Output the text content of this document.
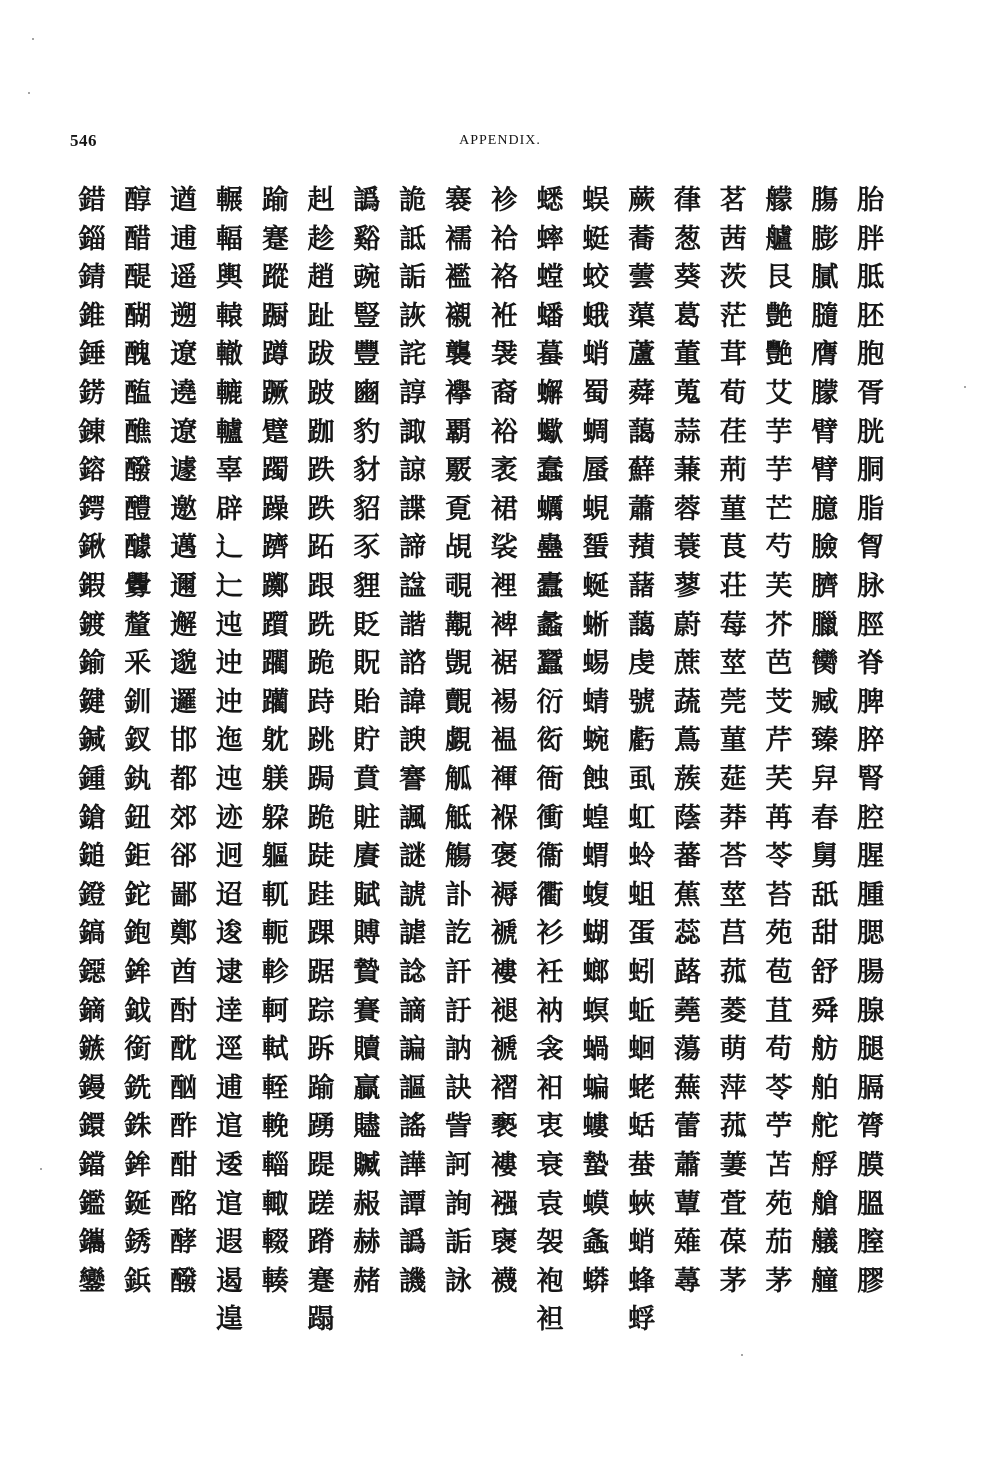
546	APPENDIX.
錯
錙
錆
錐
錘
錺
錬
鎔
鍔
鍬
鍜
鍍
鍮
鍵
鍼
鍾
鎗
鎚
鐙
鎬
鐚
鏑
鏃
鏝
鐶
鐺
鑑
鑴
鑾
醇
醋
醍
醐
醜
醢
醮
醱
醴
醵
釁
釐
釆
釧
釵
釻
鈕
鉅
鉈
鉋
鉾
鉞
銜
銑
銖
鉾
鋋
銹
鋲
遒
逋
遥
遡
遼
遶
遼
遽
邀
邁
邇
邂
邈
邏
邯
都
郊
郤
鄙
鄭
酋
酎
酖
酗
酢
酣
酩
酵
醱
輾
輻
輿
轅
轍
轆
轤
辜
辟
辶
辷
迍
迚
迚
迤
迍
迹
迥
迢
逡
逮
逹
逕
逋
逭
逶
逭
遐
遏
遑
踰
蹇
蹤
蹰
蹲
蹶
躄
躅
躁
躋
躑
躓
躙
躪
躭
躾
躱
軀
軏
軛
軫
軻
軾
輊
輓
輜
輙
輟
輳
赳
趁
趙
趾
跋
跛
跏
跌
跌
跖
跟
跣
跪
跱
跳
跼
跪
跿
跬
踝
踞
踪
跅
踰
踴
踶
蹉
蹐
蹇
蹋
譌
谿
豌
豎
豐
豳
豹
豺
貂
豕
貍
貶
貺
貽
貯
賁
賍
賡
賦
賻
贄
賽
贖
贏
贐
贓
赧
赫
赭
詭
詆
詬
詼
詫
諄
諏
諒
諜
諦
諡
諧
諮
諱
諛
謇
諷
謎
諕
謔
諗
謫
諞
謳
謠
譁
譚
譌
譏
褰
襦
襤
襯
襲
襷
覇
覈
覔
覘
覗
覯
覬
覿
覷
觚
觝
觴
訃
訖
訐
訏
訥
訣
訾
訶
詢
詬
詠
袗
袷
袼
袵
袰
裔
裕
袤
裙
裟
裡
裨
裾
裼
褞
褌
褓
褒
褥
褫
褸
褪
褫
褶
褻
褸
襁
襃
襪
蟋
蟀
螳
蟠
蟇
蠏
蠍
蠢
蠣
蠱
蠹
蠡
蠶
衍
衒
衙
衝
衞
衢
衫
衽
衲
衾
衵
衷
衰
袁
袈
袍
袒
蜈
蜓
蛟
蛾
蛸
蜀
蜩
蜃
蜆
蜑
蜒
蜥
蜴
蜻
蜿
蝕
蝗
蝟
蝮
蝴
螂
螟
蝸
蝙
螻
蟄
蟆
螽
蟒
蕨
蕎
蕓
蕖
蘆
蕣
藹
蘚
蕭
蕷
藷
藹
虔
號
虧
虱
虹
蛉
蛆
蛋
蚓
蚯
蛔
蛯
蛞
蛬
蛺
蛸
蜂
蜉
葎
葱
葵
葛
董
蒐
蒜
蒹
蓉
蓑
蓼
蔚
蔗
蔬
蔦
蔟
蔭
蕃
蕉
蕊
蕗
蕘
蕩
蕪
蕾
蕭
蕈
薙
蕁
茗
茜
茨
茫
茸
荀
荏
荊
菫
茛
荘
莓
莖
莞
菫
莚
莽
荅
莖
莒
菰
菱
萌
萍
菰
萋
萓
葆
茅
艨
艫
艮
艶
艷
艾
芋
芋
芒
芍
芙
芥
芭
芠
芹
芺
苒
苓
苔
苑
苞
苴
苟
苓
苧
苫
苑
茄
茅
膓
膨
膩
膸
膺
朦
臂
臂
臆
臉
臍
臘
臠
臧
臻
舁
春
舅
舐
甜
舒
舜
舫
舶
舵
艀
艙
艤
艟
胎
胖
胝
胚
胞
胥
胱
胴
脂
胷
脉
脛
脊
脾
脺
腎
腔
腥
腫
腮
腸
腺
腿
膈
膂
膜
膃
膣
膠
